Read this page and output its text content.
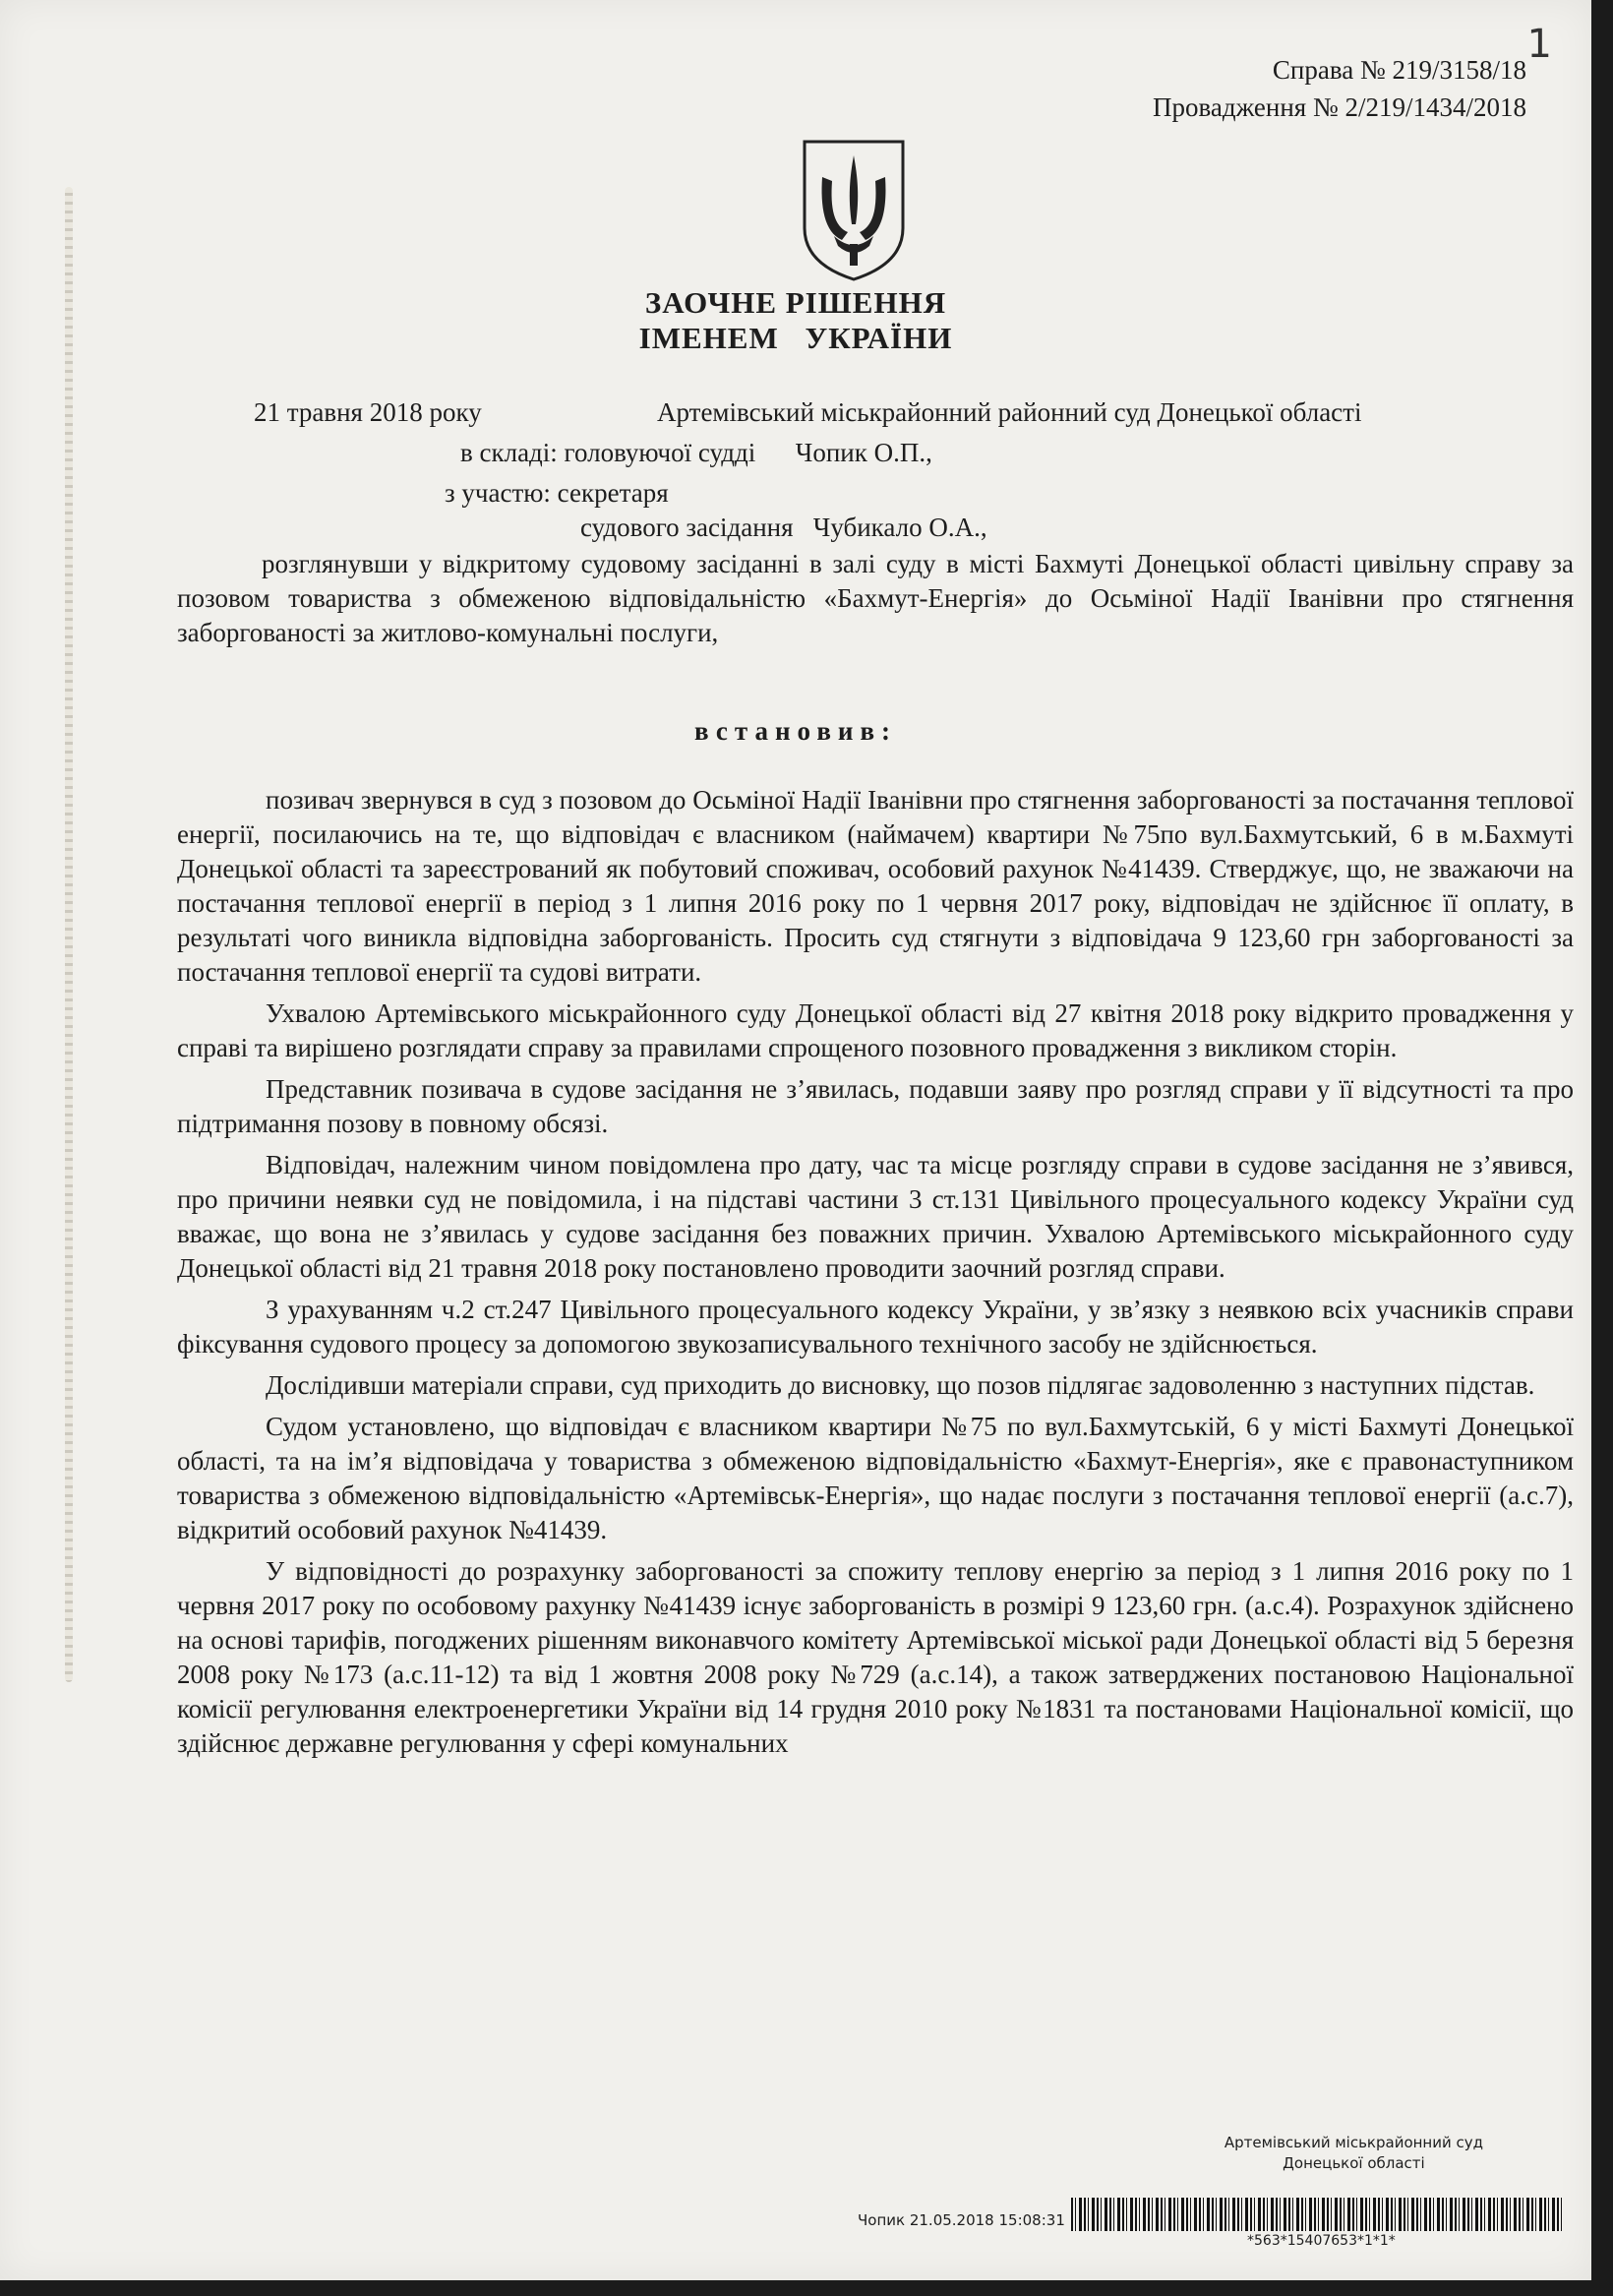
1
Справа № 219/3158/18
Провадження № 2/219/1434/2018
ЗАОЧНЕ РІШЕННЯ
ІМЕНЕМ УКРАЇНИ
21 травня 2018 року	Артемівський міськрайонний районний суд Донецької області
в складі: головуючої судді      Чопик О.П.,
з участю: секретаря
судового засідання   Чубикало О.А.,

розглянувши у відкритому судовому засіданні в залі суду в місті Бахмуті Донецької області цивільну справу за позовом товариства з обмеженою відповідальністю «Бахмут-Енергія» до Осьміної Надії Іванівни про стягнення заборгованості за житлово-комунальні послуги,

встановив:

позивач звернувся в суд з позовом до Осьміної Надії Іванівни про стягнення заборгованості за постачання теплової енергії, посилаючись на те, що відповідач є власником (наймачем) квартири №75по вул.Бахмутський, 6 в м.Бахмуті Донецької області та зареєстрований як побутовий споживач, особовий рахунок №41439. Стверджує, що, не зважаючи на постачання теплової енергії в період з 1 липня 2016 року по 1 червня 2017 року, відповідач не здійснює її оплату, в результаті чого виникла відповідна заборгованість. Просить суд стягнути з відповідача 9 123,60 грн заборгованості за постачання теплової енергії та судові витрати.

Ухвалою Артемівського міськрайонного суду Донецької області від 27 квітня 2018 року відкрито провадження у справі та вирішено розглядати справу за правилами спрощеного позовного провадження з викликом сторін.

Представник позивача в судове засідання не з’явилась, подавши заяву про розгляд справи у її відсутності та про підтримання позову в повному обсязі.

Відповідач, належним чином повідомлена про дату, час та місце розгляду справи в судове засідання не з’явився, про причини неявки суд не повідомила, і на підставі частини 3 ст.131 Цивільного процесуального кодексу України суд вважає, що вона не з’явилась у судове засідання без поважних причин. Ухвалою Артемівського міськрайонного суду Донецької області від 21 травня 2018 року постановлено проводити заочний розгляд справи.

З урахуванням ч.2 ст.247 Цивільного процесуального кодексу України, у зв’язку з неявкою всіх учасників справи фіксування судового процесу за допомогою звукозаписувального технічного засобу не здійснюється.

Дослідивши матеріали справи, суд приходить до висновку, що позов підлягає задоволенню з наступних підстав.

Судом установлено, що відповідач є власником квартири №75 по вул.Бахмутській, 6 у місті Бахмуті Донецької області, та на ім’я відповідача у товариства з обмеженою відповідальністю «Бахмут-Енергія», яке є правонаступником товариства з обмеженою відповідальністю «Артемівськ-Енергія», що надає послуги з постачання теплової енергії (а.с.7), відкритий особовий рахунок №41439.

У відповідності до розрахунку заборгованості за спожиту теплову енергію за період з 1 липня 2016 року по 1 червня 2017 року по особовому рахунку №41439 існує заборгованість в розмірі 9 123,60 грн. (а.с.4). Розрахунок здійснено на основі тарифів, погоджених рішенням виконавчого комітету Артемівської міської ради Донецької області від 5 березня 2008 року №173 (а.с.11-12) та від 1 жовтня 2008 року №729 (а.с.14), а також затверджених постановою Національної комісії регулювання електроенергетики України від 14 грудня 2010 року №1831 та постановами Національної комісії, що здійснює державне регулювання у сфері комунальних

Артемівський міськрайонний суд
Донецької області
Чопик 21.05.2018 15:08:31
*563*15407653*1*1*
